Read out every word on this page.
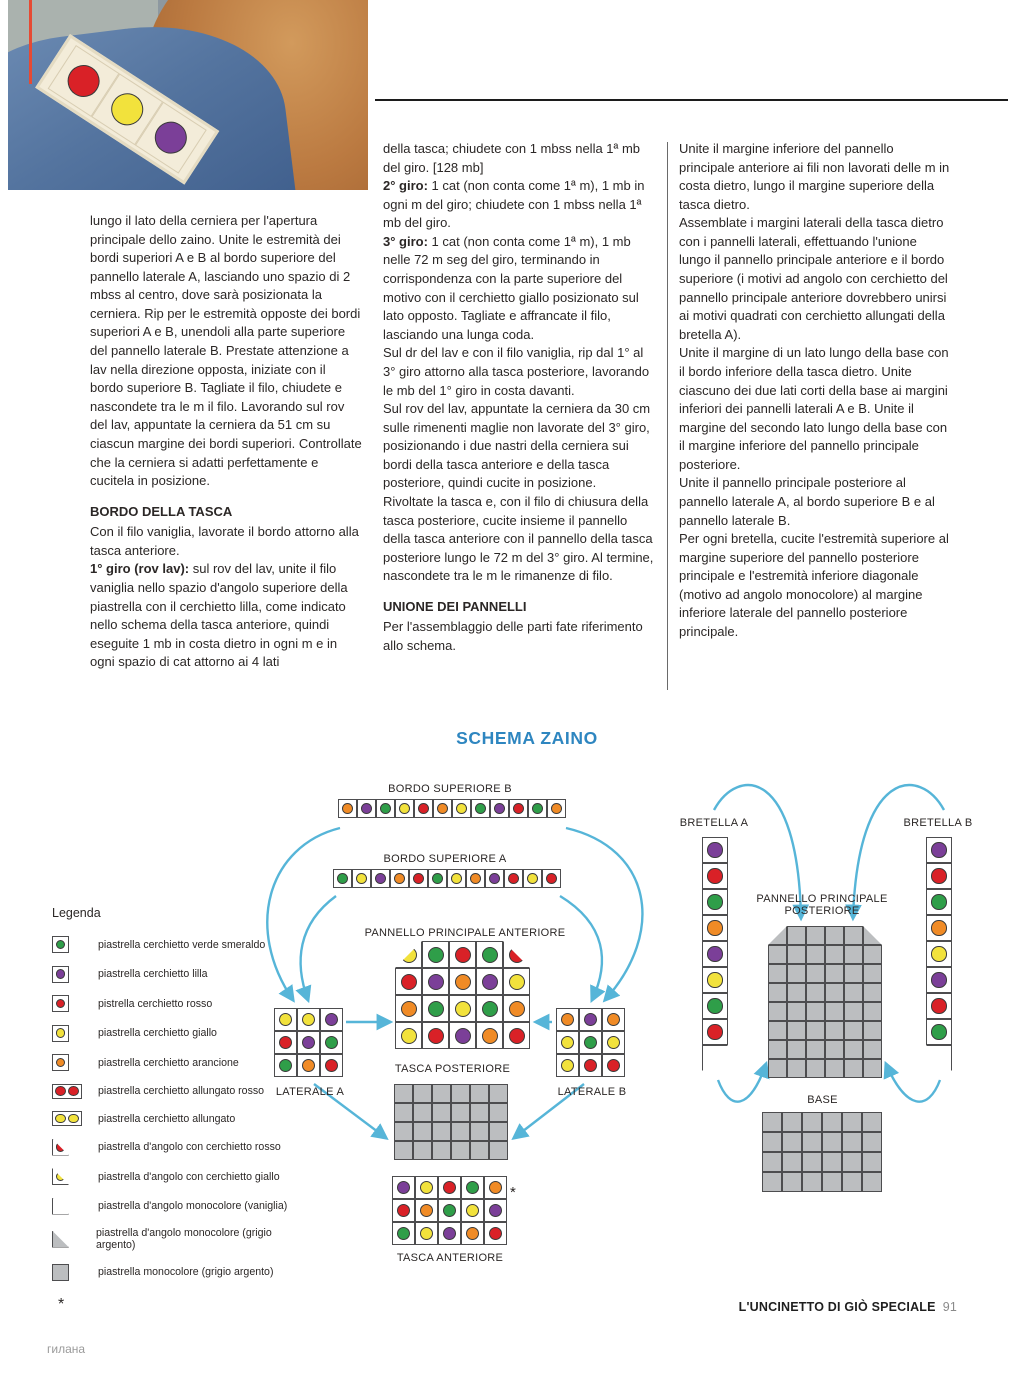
lungo il lato della cerniera per l'apertura principale dello zaino. Unite le estremità dei bordi superiori A e B al bordo superiore del pannello laterale A, lasciando uno spazio di 2 mbss al centro, dove sarà posizionata la cerniera. Rip per le estremità opposte dei bordi superiori A e B, unendoli alla parte superiore del pannello laterale B. Prestate attenzione a lav nella direzione opposta, iniziate con il bordo superiore B. Tagliate il filo, chiudete e nascondete tra le m il filo. Lavorando sul rov del lav, appuntate la cerniera da 51 cm su ciascun margine dei bordi superiori. Controllate che la cerniera si adatti perfettamente e cucitela in posizione.

BORDO DELLA TASCA

Con il filo vaniglia, lavorate il bordo attorno alla tasca anteriore.

1° giro (rov lav): sul rov del lav, unite il filo vaniglia nello spazio d'angolo superiore della piastrella con il cerchietto lilla, come indicato nello schema della tasca anteriore, quindi eseguite 1 mb in costa dietro in ogni m e in ogni spazio di cat attorno ai 4 lati

della tasca; chiudete con 1 mbss nella 1ª mb del giro. [128 mb]

2° giro: 1 cat (non conta come 1ª m), 1 mb in ogni m del giro; chiudete con 1 mbss nella 1ª mb del giro.

3° giro: 1 cat (non conta come 1ª m), 1 mb nelle 72 m seg del giro, terminando in corrispondenza con la parte superiore del motivo con il cerchietto giallo posizionato sul lato opposto. Tagliate e affrancate il filo, lasciando una lunga coda.

Sul dr del lav e con il filo vaniglia, rip dal 1° al 3° giro attorno alla tasca posteriore, lavorando le mb del 1° giro in costa davanti.

Sul rov del lav, appuntate la cerniera da 30 cm sulle rimenenti maglie non lavorate del 3° giro, posizionando i due nastri della cerniera sui bordi della tasca anteriore e della tasca posteriore, quindi cucite in posizione.

Rivoltate la tasca e, con il filo di chiusura della tasca posteriore, cucite insieme il pannello della tasca anteriore con il pannello della tasca posteriore lungo le 72 m del 3° giro. Al termine, nascondete tra le m le rimanenze di filo.

UNIONE DEI PANNELLI

Per l'assemblaggio delle parti fate riferimento allo schema.

Unite il margine inferiore del pannello principale anteriore ai fili non lavorati delle m in costa dietro, lungo il margine superiore della tasca dietro.

Assemblate i margini laterali della tasca dietro con i pannelli laterali, effettuando l'unione lungo il pannello principale anteriore e il bordo superiore (i motivi ad angolo con cerchietto del pannello principale anteriore dovrebbero unirsi ai motivi quadrati con cerchietto allungati della bretella A).

Unite il margine di un lato lungo della base con il bordo inferiore della tasca dietro. Unite ciascuno dei due lati corti della base ai margini inferiori dei pannelli laterali A e B. Unite il margine del secondo lato lungo della base con il margine inferiore del pannello principale posteriore.

Unite il pannello principale posteriore al pannello laterale A, al bordo superiore B e al pannello laterale B.

Per ogni bretella, cucite l'estremità superiore al margine superiore del pannello posteriore principale e l'estremità inferiore diagonale (motivo ad angolo monocolore) al margine inferiore laterale del pannello posteriore principale.

SCHEMA ZAINO
BORDO SUPERIORE B
BORDO SUPERIORE A
PANNELLO PRINCIPALE ANTERIORE
TASCA POSTERIORE
LATERALE A	LATERALE B
TASCA ANTERIORE
BRETELLA A	BRETELLA B
PANNELLO PRINCIPALE POSTERIORE
BASE
*
Legenda
piastrella cerchietto verde smeraldo
piastrella cerchietto lilla
pistrella cerchietto rosso
piastrella cerchietto giallo
piastrella cerchietto arancione
piastrella cerchietto allungato rosso
piastrella cerchietto allungato
piastrella d'angolo con cerchietto rosso
piastrella d'angolo con cerchietto giallo
piastrella d'angolo monocolore (vaniglia)
piastrella d'angolo monocolore (grigio argento)
piastrella monocolore (grigio argento)
*	L'UNCINETTO DI GIÒ SPECIALE 91
гилана
